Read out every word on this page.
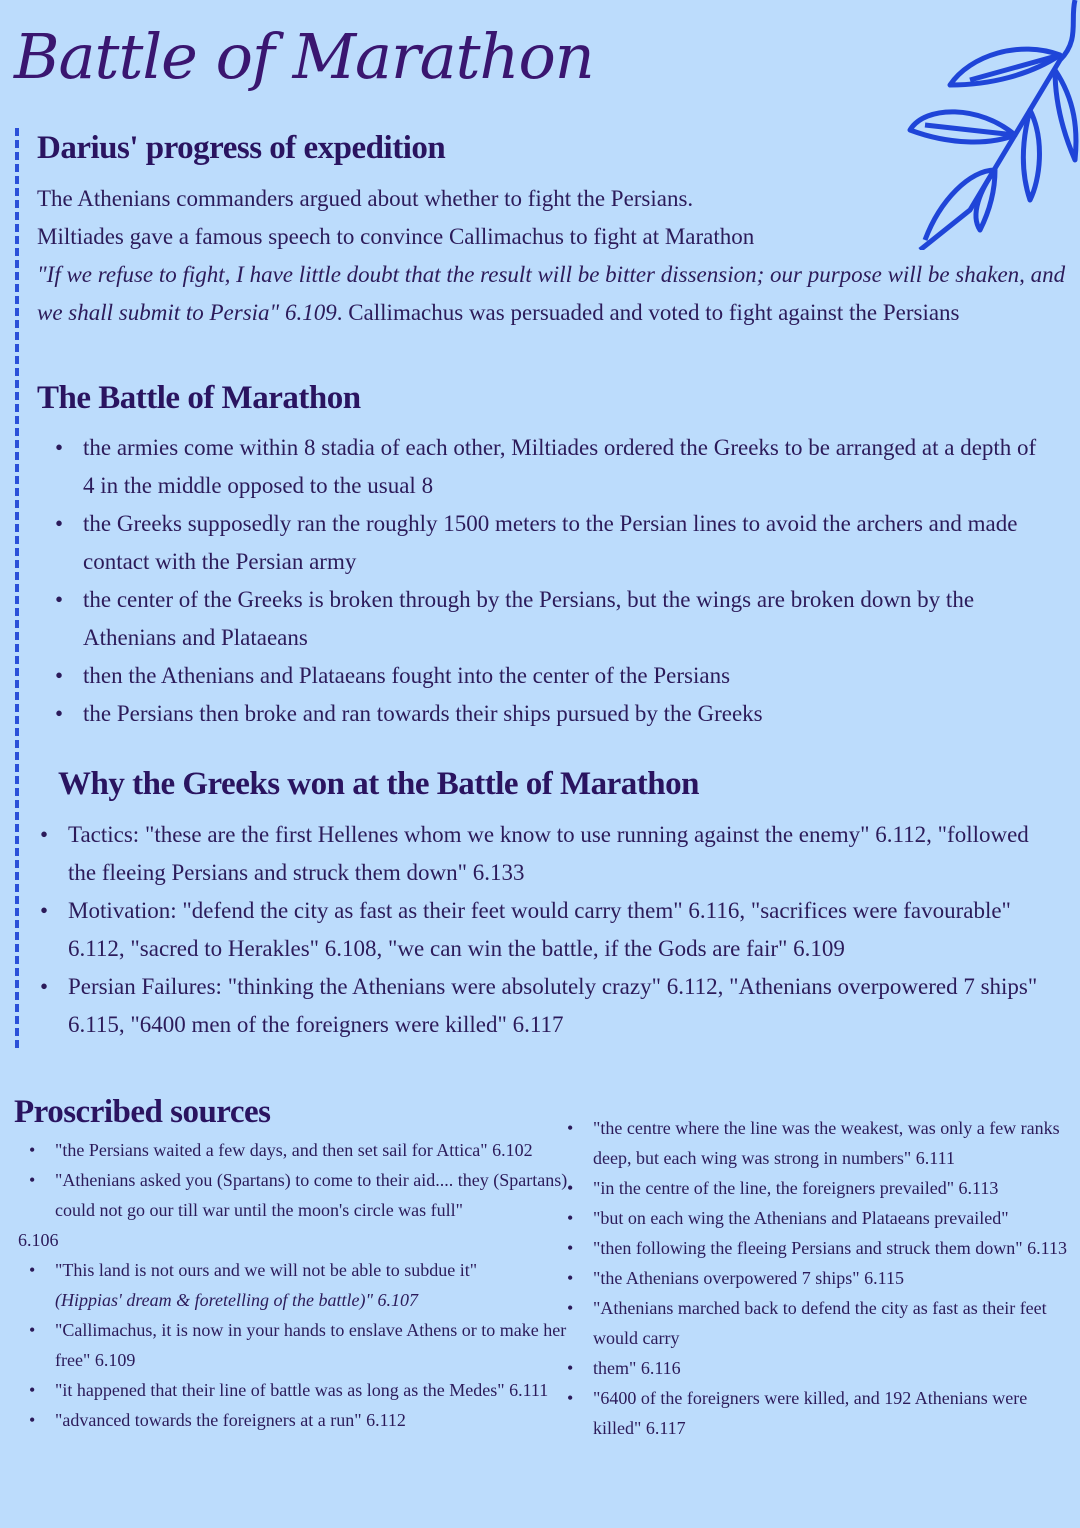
Battle of Marathon
Darius' progress of expedition
The Athenians commanders argued about whether to fight the Persians.
Miltiades gave a famous speech to convince Callimachus to fight at Marathon
"If we refuse to fight, I have little doubt that the result will be bitter dissension; our purpose will be shaken, and we shall submit to Persia" 6.109. Callimachus was persuaded and voted to fight against the Persians
The Battle of Marathon
• the armies come within 8 stadia of each other, Miltiades ordered the Greeks to be arranged at a depth of 4 in the middle opposed to the usual 8
• the Greeks supposedly ran the roughly 1500 meters to the Persian lines to avoid the archers and made contact with the Persian army
• the center of the Greeks is broken through by the Persians, but the wings are broken down by the Athenians and Plataeans
• then the Athenians and Plataeans fought into the center of the Persians
• the Persians then broke and ran towards their ships pursued by the Greeks
Why the Greeks won at the Battle of Marathon
• Tactics: "these are the first Hellenes whom we know to use running against the enemy" 6.112, "followed the fleeing Persians and struck them down" 6.133
• Motivation: "defend the city as fast as their feet would carry them" 6.116, "sacrifices were favourable" 6.112, "sacred to Herakles" 6.108, "we can win the battle, if the Gods are fair" 6.109
• Persian Failures: "thinking the Athenians were absolutely crazy" 6.112, "Athenians overpowered 7 ships" 6.115, "6400 men of the foreigners were killed" 6.117
Proscribed sources
• "the Persians waited a few days, and then set sail for Attica" 6.102
• "Athenians asked you (Spartans) to come to their aid.... they (Spartans)
could not go our till war until the moon's circle was full"
6.106
• "This land is not ours and we will not be able to subdue it"
(Hippias' dream & foretelling of the battle)" 6.107
• "Callimachus, it is now in your hands to enslave Athens or to make her free" 6.109
• "it happened that their line of battle was as long as the Medes" 6.111
• "advanced towards the foreigners at a run" 6.112
• "the centre where the line was the weakest, was only a few ranks deep, but each wing was strong in numbers" 6.111
• "in the centre of the line, the foreigners prevailed" 6.113
• "but on each wing the Athenians and Plataeans prevailed"
• "then following the fleeing Persians and struck them down" 6.113
• "the Athenians overpowered 7 ships" 6.115
• "Athenians marched back to defend the city as fast as their feet would carry
• them" 6.116
• "6400 of the foreigners were killed, and 192 Athenians were killed" 6.117
